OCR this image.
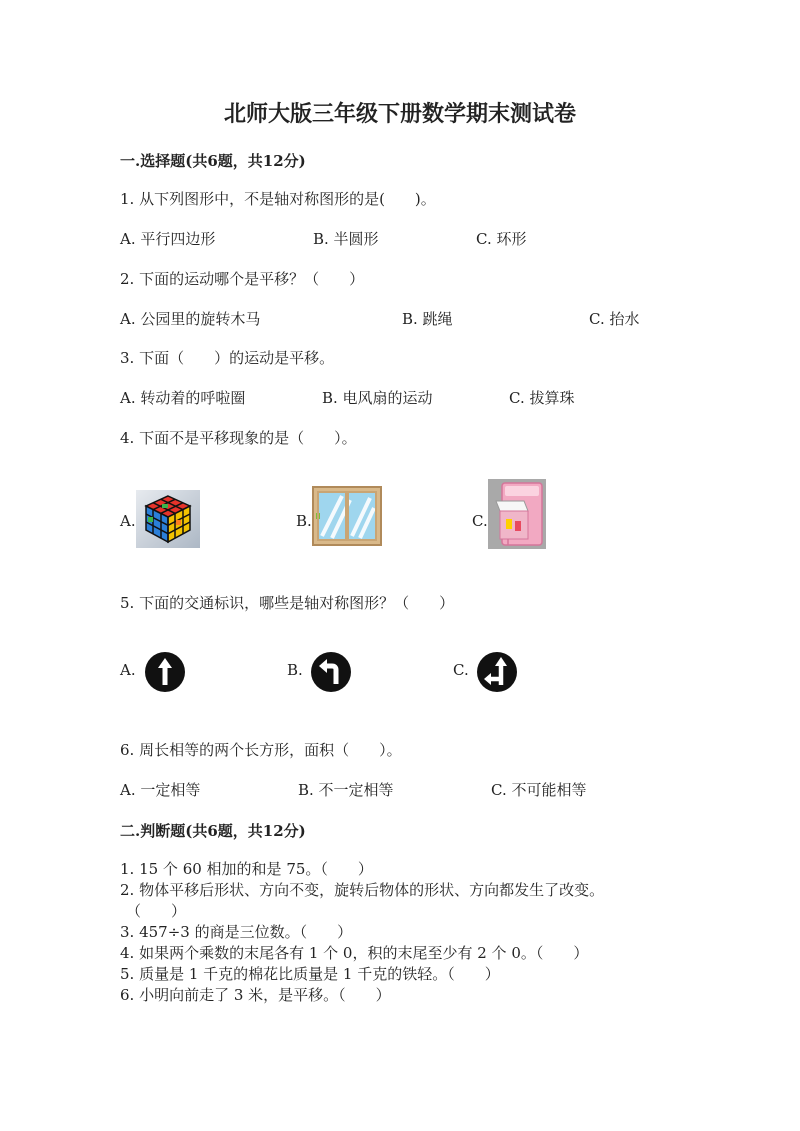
北师大版三年级下册数学期末测试卷
一.选择题(共6题，共12分)
1. 从下列图形中，不是轴对称图形的是(　　)。
A. 平行四边形	B. 半圆形	C. 环形
2. 下面的运动哪个是平移？（　　）
A. 公园里的旋转木马	B. 跳绳	C. 抬水
3. 下面（　　）的运动是平移。
A. 转动着的呼啦圈	B. 电风扇的运动	C. 拔算珠
4. 下面不是平移现象的是（　　）。
A.	B.	C.
5. 下面的交通标识，哪些是轴对称图形？（　　）
A.	B.	C.
6. 周长相等的两个长方形，面积（　　）。
A. 一定相等	B. 不一定相等	C. 不可能相等
二.判断题(共6题，共12分)
1. 15 个 60 相加的和是 75。（　　）
2. 物体平移后形状、方向不变，旋转后物体的形状、方向都发生了改变。
（　　）
3. 457÷3 的商是三位数。（　　）
4. 如果两个乘数的末尾各有 1 个 0，积的末尾至少有 2 个 0。（　　）
5. 质量是 1 千克的棉花比质量是 1 千克的铁轻。（　　）
6. 小明向前走了 3 米，是平移。（　　）
